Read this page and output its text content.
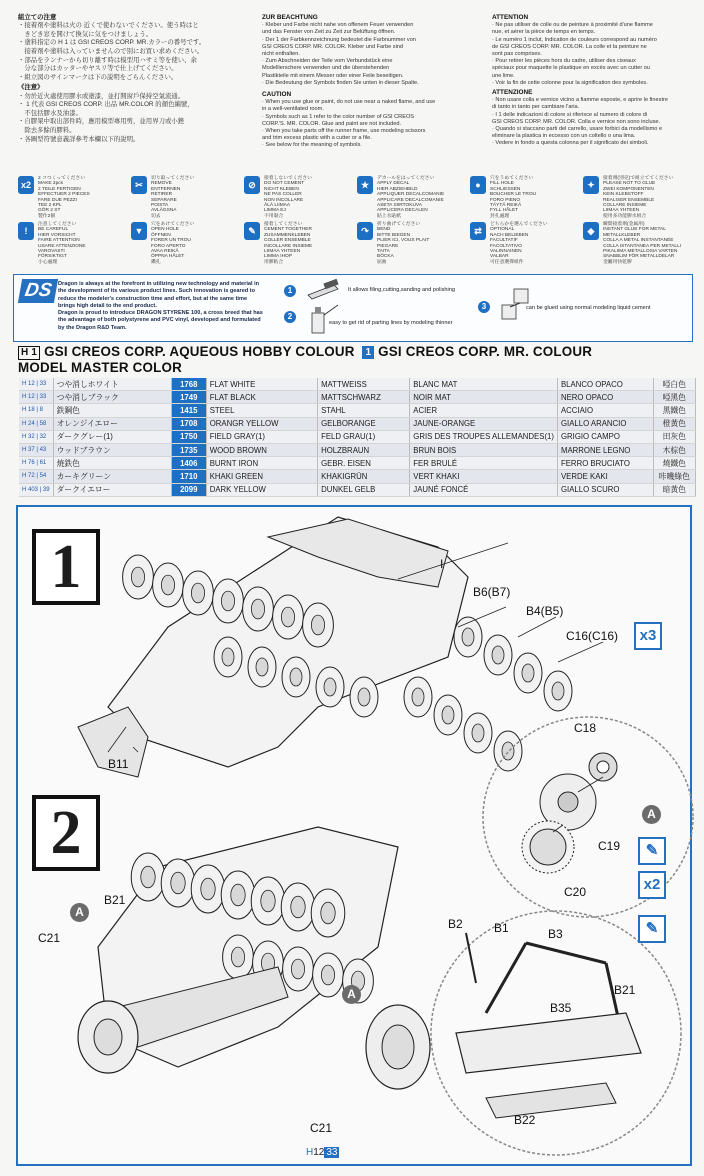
組立ての注意
・接着剤や塗料は火の 近くで使わないでください。使う時はと
　きどき窓を開けて換気に気をつけましょう。
・塗料指定の H 1 は GSI CREOS CORP. MR.カラーの番号です。
　接着剤や塗料は入っていませんので別にお買い求めください。
・部品をランナーから切り離す時は模型用ハサミ等を使い、余
　分な部分はカッターやヤスリ等で仕上げてください。
・組立図のサインマークは下の説明をごらんください。
《注意》
・勿於近火處使用膠水或塗漆，並打開窗戶保持空氣流通。
・ 1 代表 GSI CREOS CORP. 出品 MR.COLOR 的顏色編號，
　不包括膠水及油漆。
・自膠架中取出部件時，應用模型專用剪，並用界刀或小銼
　除去多餘的膠料。
・各圖型符號意義詳參考本欄以下的說明。
ZUR BEACHTUNG

· Kleber und Farbe nicht nahe von offenem Feuer verwenden

und das Fenster von Zeit zu Zeit zur Belüftung öffnen.

· Der 1 der Farbkennzeichnung bedeutet die Farbnummer von

GSI CREOS CORP. MR. COLOR. Kleber und Farbe sind

nicht enthalten.

· Zum Abschneiden der Teile vom Verbundstück eine

Modellierschere verwenden und die überstehenden

Plastikteile mit einem Messer oder einer Feile beseitigen.

· Die Bedeutung der Symbols finden Sie unten in dieser Spalte.

CAUTION

· When you use glue or paint, do not use near a naked flame, and use

in a well-ventilated room.

· Symbols such as 1 refer to the color number of GSI CREOS

CORP.'S. MR. COLOR. Glue and paint are not included.

· When you take parts off the runner frame, use modeling scissors

and trim excess plastic with a cutter or a file.

· See below for the meaning of symbols.

ATTENTION

· Ne pas utiliser de colle ou de peinture à proximité d'une flamme

nue, et aérer la pièce de temps en temps.

· Le numéro 1 inclut, Indication de couleurs correspond au numéro

de GSI CREOS CORP. MR. COLOR. La colle et la peinture ne

sont pas comprises.

· Pour retirer les pièces hors du cadre, utiliser des ciseaux

spéciaux pour maquette le plastique en excès avec un cutter ou

une lime.

· Voir la fin de cette colonne pour la signification des symboles.

ATTENZIONE

· Non usare colla e vernice vicino a fiamme esposte, e aprire le finestre

di tanto in tanto per cambiare l'aria.

· I 1 delle indicazioni di colore si riferisce al numero di colore di

GSI CREOS CORP. MR. COLOR. Colla e vernice non sono incluse.

· Quando si staccano parti del carrello, usare forbici da modellismo e

eliminare la plastica in eccesso con un coltello o una lima.

· Vedere in fondo a questa colonna per il significato dei simboli.

x2
2 コつくってください
MAKE 2pcs
2 TEILE FERTIGEN
EFFECTUER 2 PIECES
FARE DUE PEZZI
TEE 2 KPL
GÖR 2 ST
製作2個
✂
切り取ってください
REMOVE
ENTFERNEN
RETIRER
SEPARARE
POISTA
AVLÄGSNA
切去
⊘
接着しないでください
DO NOT CEMENT
NICHT KLEBEN
NE PAS COLLER
NON INCOLLARE
ÄLÄ LIIMAA
LIMMA EJ
不用黏合
★
デカールをはってください
APPLY DECAL
HIER ABZIEHBILD
APPLIQUER DECALCOMANIE
APPLICARE DECALCOMANIE
ASETA SIIRTOKUVA
APPLICERA DECALEN
貼上水貼紙
●
穴をうめてください
FILL HOLE
SCHLIESSEN
BOUCHER LE TROU
FORO PIENO
TÄYTÄ REIKÄ
FYLL HÅLET
封孔處理
✦
接着剤(別売)で組立ててください
PLEASE NOT TO GLUE
ZWEI KOMPONENTEN
KEIN KLEBSTOFF
REALISER ENSEMBLE
COLLARE INSIEME
LIIMAA YHTEEN
使用多功能膠水組合
!
注意してください
BE CAREFUL
HIER VORSICHT
FAIRE ATTENTION
USARE ATTENZIONE
VAROVASTI
FÖRSIKTIGT
小心處理
▼
穴をあけてください
OPEN HOLE
ÖFFNEN
FORER UN TROU
FORO APERTO
AVAA REIKÄ
ÖPPNA HÅLET
鑽孔
✎
接着してください
CEMENT TOGETHER
ZUSAMMENKLEBEN
COLLER ENSEMBLE
INCOLLARE INSIEME
LIIMAA YHTEEN
LIMMA IHOP
用膠粘合
↷
折り曲げてください
BEND
BITTE BIEGEN
PLIER ICI, VOUS PLAIT
PIEGARE
TAITA
BÖCKA
屈曲
⇄
どちらかを選んでください
OPTIONAL
NACH BELIEBEN
FACULTATIF
FACOLTATIVO
VALINNAINEN
VALBAR
可任意選擇組件
◆
瞬間接着剤(金属用)
INSTANT GLUE FOR METAL
METALLKLEBER
COLLA A METAL INSTANTANÉE
COLLA ISTANTANEA PER METALLI
PIKALIIMA METALLOSIA VARTEN
SNABBLIM FÖR METALLDELAR
金屬用快乾膠
DS Dragon is always at the forefront in utilizing new technology and material in
the development of its various product lines. Such innovation is geared to
reduce the modeler's construction time and effort, but at the same time
brings high detail to the end product.
Dragon is proud to introduce DRAGON STYRENE 100, a cross breed that has
the advantage of both polystyrene and PVC vinyl, developed and formulated
by the Dragon R&D Team.
1	It allows filing,cutting,sanding and polishing
2
easy to get rid of parting lines by modeling thinner
3	can be glued using normal modeling liquid cement
H 1 GSI CREOS CORP. AQUEOUS HOBBY COLOUR 1 GSI CREOS CORP. MR. COLOUR
MODEL MASTER COLOR
H 12 | 33	つや消しホワイト	1768	FLAT WHITE	MATTWEISS	BLANC MAT	BLANCO OPACO	啞白色
H 12 | 33	つや消しブラック	1749	FLAT BLACK	MATTSCHWARZ	NOIR MAT	NERO OPACO	啞黑色
H 18 | 8	鉄鋼色	1415	STEEL	STAHL	ACIER	ACCIAIO	黑鐵色
H 24 | 58	オレンジイエロー	1708	ORANGR YELLOW	GELBORANGE	JAUNE-ORANGE	GIALLO ARANCIO	橙黃色
H 32 | 32	ダークグレー(1)	1750	FIELD GRAY(1)	FELD GRAU(1)	GRIS DES TROUPES ALLEMANDES(1)	GRIGIO CAMPO	田灰色
H 37 | 43	ウッドブラウン	1735	WOOD BROWN	HOLZBRAUN	BRUN BOIS	MARRONE LEGNO	木棕色
H 76 | 61	焼鉄色	1406	BURNT IRON	GEBR. EISEN	FER BRULÉ	FERRO BRUCIATO	燒鐵色
H 72 | 54	カーキグリーン	1710	KHAKI GREEN	KHAKIGRÜN	VERT KHAKI	VERDE KAKI	咔嘰綠色
H 403 | 39	ダークイエロー	2099	DARK YELLOW	DUNKEL GELB	JAUNÉ FONCÉ	GIALLO SCURO	暗黃色
1	I
B6(B7)
B4(B5)
C16(C16)	x3
B11
C18
C19
C20
A
✎
x2
2
B21
A
C21
A
C21
B2	B1	B3	✎
B21
B35
B22
H12 33
